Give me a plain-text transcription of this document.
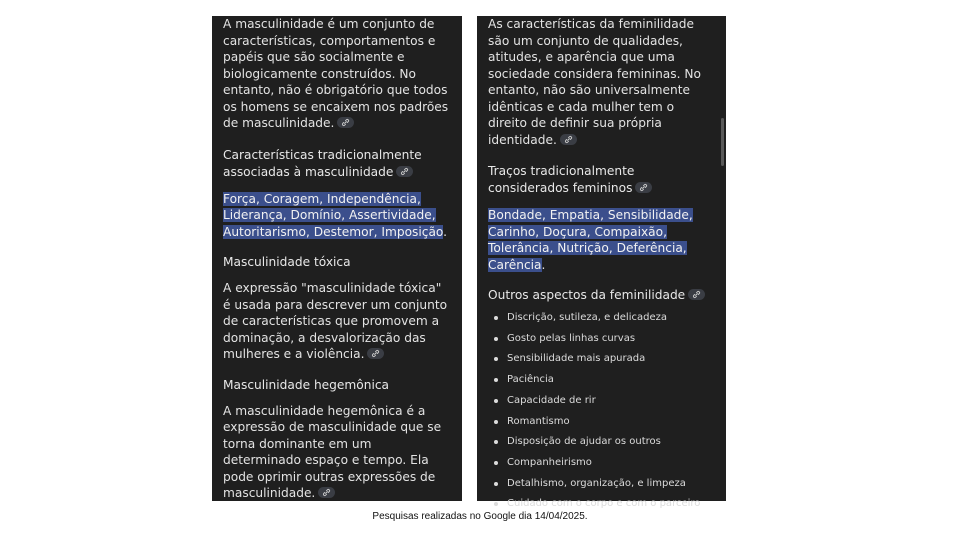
A masculinidade é um conjunto de características, comportamentos e papéis que são socialmente e biologicamente construídos. No entanto, não é obrigatório que todos os homens se encaixem nos padrões de masculinidade.

Características tradicionalmente associadas à masculinidade

Força, Coragem, Independência, Liderança, Domínio, Assertividade, Autoritarismo, Destemor, Imposição.

Masculinidade tóxica

A expressão "masculinidade tóxica" é usada para descrever um conjunto de características que promovem a dominação, a desvalorização das mulheres e a violência.

Masculinidade hegemônica

A masculinidade hegemônica é a expressão de masculinidade que se torna dominante em um determinado espaço e tempo. Ela pode oprimir outras expressões de masculinidade.

As características da feminilidade são um conjunto de qualidades, atitudes, e aparência que uma sociedade considera femininas. No entanto, não são universalmente idênticas e cada mulher tem o direito de definir sua própria identidade.

Traços tradicionalmente considerados femininos

Bondade, Empatia, Sensibilidade, Carinho, Doçura, Compaixão, Tolerância, Nutrição, Deferência, Carência.

Outros aspectos da feminilidade
Discrição, sutileza, e delicadeza
Gosto pelas linhas curvas
Sensibilidade mais apurada
Paciência
Capacidade de rir
Romantismo
Disposição de ajudar os outros
Companheirismo
Detalhismo, organização, e limpeza
Cuidado com o corpo e com o parceiro
Pesquisas realizadas no Google dia 14/04/2025.
